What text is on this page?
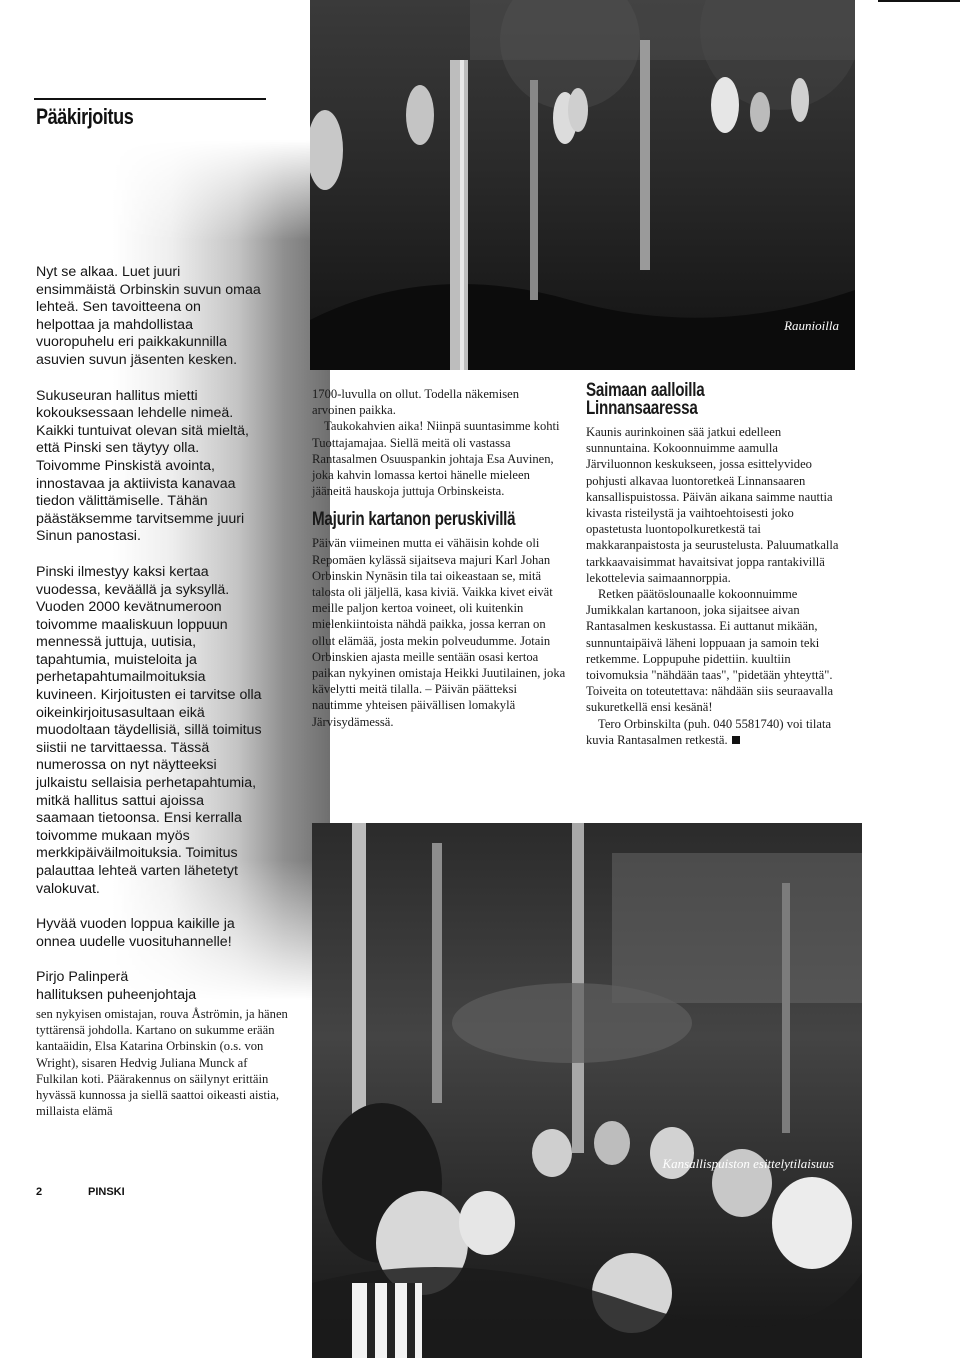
Nyt se alkaa. Luet juuri ensimmäistä Orbinskin suvun omaa lehteä. Sen tavoitteena on helpottaa ja mahdollistaa vuoropuhelu eri paikkakunnilla asuvien suvun jäsenten kesken.

Sukuseuran hallitus mietti kokouksessaan lehdelle nimeä. Kaikki tuntuivat olevan sitä mieltä, että Pinski sen täytyy olla. Toivomme Pinskistä avointa, innostavaa ja aktiivista kanavaa tiedon välittämiselle. Tähän päästäksemme tarvitsemme juuri Sinun panostasi.

Pinski ilmestyy kaksi kertaa vuodessa, keväällä ja syksyllä. Vuoden 2000 kevätnumeroon toivomme maaliskuun loppuun mennessä juttuja, uutisia, tapahtumia, muisteloita ja perhetapahtumailmoituksia kuvineen. Kirjoitusten ei tarvitse olla oikeinkirjoitusasultaan eikä muodoltaan täydellisiä, sillä toimitus siistii ne tarvittaessa. Tässä numerossa on nyt näytteeksi julkaistu sellaisia perhetapahtumia, mitkä hallitus sattui ajoissa saamaan tietoonsa. Ensi kerralla toivomme mukaan myös merkkipäiväilmoituksia. Toimitus palauttaa lehteä varten lähetetyt valokuvat.

Hyvää vuoden loppua kaikille ja onnea uudelle vuosituhannelle!

Pirjo Palinperä

hallituksen puheenjohtaja

Raunioilla

1700-luvulla on ollut. Todella näkemisen arvoinen paikka.

Taukokahvien aika! Niinpä suuntasimme kohti Tuottajamajaa. Siellä meitä oli vastassa Rantasalmen Osuuspankin johtaja Esa Auvinen, joka kahvin lomassa kertoi hänelle mieleen jääneitä hauskoja juttuja Orbinskeista.

Majurin kartanon peruskivillä

Päivän viimeinen mutta ei vähäisin kohde oli Repomäen kylässä sijaitseva majuri Karl Johan Orbinskin Nynäsin tila tai oikeastaan se, mitä talosta oli jäljellä, kasa kiviä. Vaikka kivet eivät meille paljon kertoa voineet, oli kuitenkin mielenkiintoista nähdä paikka, jossa kerran on ollut elämää, josta mekin polveudumme. Jotain Orbinskien ajasta meille sentään osasi kertoa paikan nykyinen omistaja Heikki Juutilainen, joka kävelytti meitä tilalla. – Päivän päätteksi nautimme yhteisen päivällisen lomakylä Järvisydämessä.

Saimaan aalloilla
Linnansaaressa

Kaunis aurinkoinen sää jatkui edelleen sunnuntaina. Kokoonnuimme aamulla Järviluonnon keskukseen, jossa esittelyvideo pohjusti alkavaa luontoretkeä Linnansaaren kansallispuistossa. Päivän aikana saimme nauttia kivasta risteilystä ja vaihtoehtoisesti joko opastetusta luontopolkuretkestä tai makkaranpaistosta ja seurustelusta. Paluumatkalla tarkkaavaisimmat havaitsivat joppa rantakivillä lekottelevia saimaannorppia.

Retken päätöslounaalle kokoonnuimme Jumikkalan kartanoon, joka sijaitsee aivan Rantasalmen keskustassa. Ei auttanut mikään, sunnuntaipäivä läheni loppuaan ja samoin teki retkemme. Loppupuhe pidettiin. kuultiin toivomuksia "nähdään taas", "pidetään yhteyttä". Toiveita on toteutettava: nähdään siis seuraavalla sukuretkellä ensi kesänä!

Tero Orbinskilta (puh. 040 5581740) voi tilata kuvia Rantasalmen retkestä.

Kansallispuiston esittelytilaisuus

sen nykyisen omistajan, rouva Åströmin, ja hänen tyttärensä johdolla. Kartano on sukumme erään kantaäidin, Elsa Katarina Orbinskin (o.s. von Wright), sisaren Hedvig Juliana Munck af Fulkilan koti. Päärakennus on säilynyt erittäin hyvässä kunnossa ja siellä saattoi oikeasti aistia, millaista elämä

2	PINSKI
